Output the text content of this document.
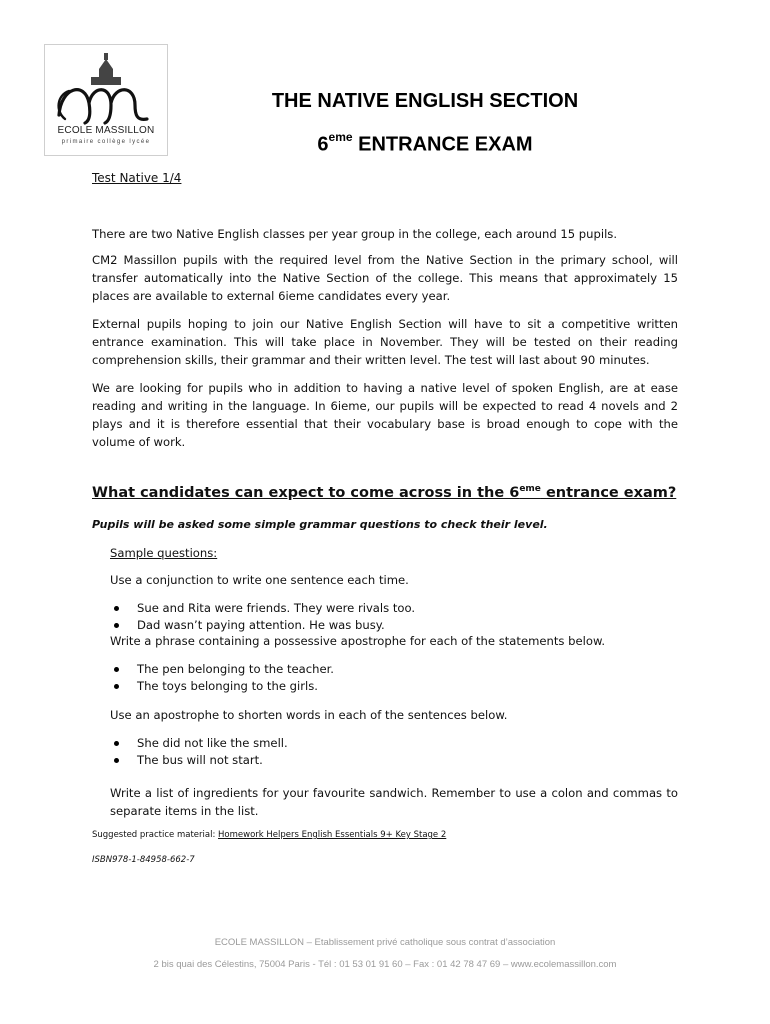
ECOLE MASSILLON
primaire collège lycée
THE NATIVE ENGLISH SECTION
6eme ENTRANCE EXAM
Test Native 1/4

There are two Native English classes per year group in the college, each around 15 pupils.

CM2 Massillon pupils with the required level from the Native Section in the primary school, will transfer automatically into the Native Section of the college. This means that approximately 15 places are available to external 6ieme candidates every year.

External pupils hoping to join our Native English Section will have to sit a competitive written entrance examination. This will take place in November. They will be tested on their reading comprehension skills, their grammar and their written level. The test will last about 90 minutes.

We are looking for pupils who in addition to having a native level of spoken English, are at ease reading and writing in the language. In 6ieme, our pupils will be expected to read 4 novels and 2 plays and it is therefore essential that their vocabulary base is broad enough to cope with the volume of work.

What candidates can expect to come across in the 6eme entrance exam?

Pupils will be asked some simple grammar questions to check their level.

Sample questions:

Use a conjunction to write one sentence each time.

Sue and Rita were friends. They were rivals too.
Dad wasn’t paying attention. He was busy.

Write a phrase containing a possessive apostrophe for each of the statements below.

The pen belonging to the teacher.
The toys belonging to the girls.

Use an apostrophe to shorten words in each of the sentences below.

She did not like the smell.
The bus will not start.

Write a list of ingredients for your favourite sandwich. Remember to use a colon and commas to separate items in the list.

Suggested practice material: Homework Helpers English Essentials 9+ Key Stage 2

ISBN978-1-84958-662-7

ECOLE MASSILLON – Etablissement privé catholique sous contrat d’association

2 bis quai des Célestins, 75004 Paris - Tél : 01 53 01 91 60 – Fax : 01 42 78 47 69 – www.ecolemassillon.com
